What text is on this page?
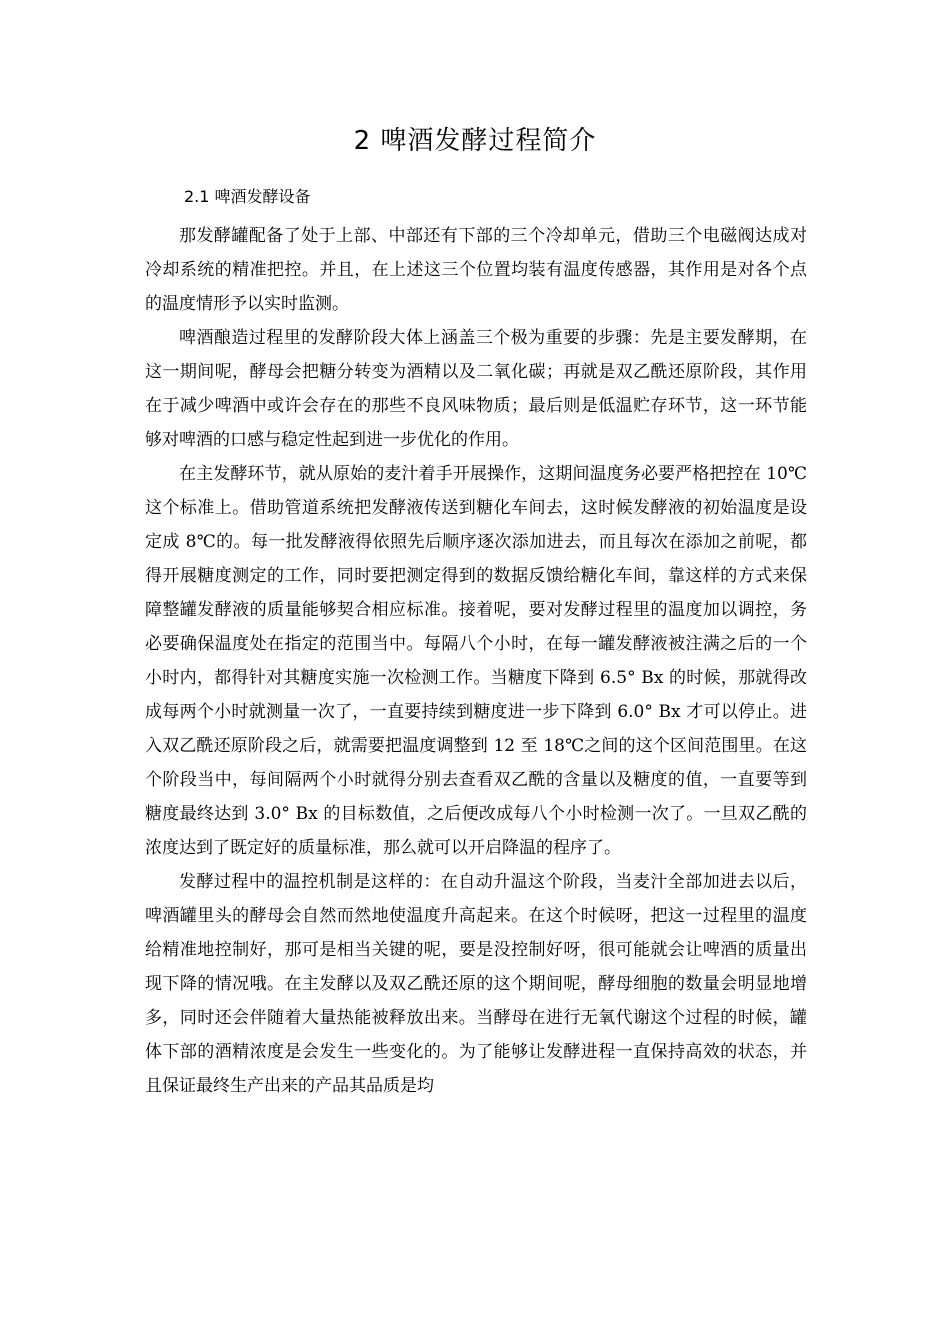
2 啤酒发酵过程简介
2.1 啤酒发酵设备

那发酵罐配备了处于上部、中部还有下部的三个冷却单元，借助三个电磁阀达成对冷却系统的精准把控。并且，在上述这三个位置均装有温度传感器，其作用是对各个点的温度情形予以实时监测。

啤酒酿造过程里的发酵阶段大体上涵盖三个极为重要的步骤：先是主要发酵期，在这一期间呢，酵母会把糖分转变为酒精以及二氧化碳；再就是双乙酰还原阶段，其作用在于减少啤酒中或许会存在的那些不良风味物质；最后则是低温贮存环节，这一环节能够对啤酒的口感与稳定性起到进一步优化的作用。

在主发酵环节，就从原始的麦汁着手开展操作，这期间温度务必要严格把控在 10℃这个标准上。借助管道系统把发酵液传送到糖化车间去，这时候发酵液的初始温度是设定成 8℃的。每一批发酵液得依照先后顺序逐次添加进去，而且每次在添加之前呢，都得开展糖度测定的工作，同时要把测定得到的数据反馈给糖化车间，靠这样的方式来保障整罐发酵液的质量能够契合相应标准。接着呢，要对发酵过程里的温度加以调控，务必要确保温度处在指定的范围当中。每隔八个小时，在每一罐发酵液被注满之后的一个小时内，都得针对其糖度实施一次检测工作。当糖度下降到 6.5° Bx 的时候，那就得改成每两个小时就测量一次了，一直要持续到糖度进一步下降到 6.0° Bx 才可以停止。进入双乙酰还原阶段之后，就需要把温度调整到 12 至 18℃之间的这个区间范围里。在这个阶段当中，每间隔两个小时就得分别去查看双乙酰的含量以及糖度的值，一直要等到糖度最终达到 3.0° Bx 的目标数值，之后便改成每八个小时检测一次了。一旦双乙酰的浓度达到了既定好的质量标准，那么就可以开启降温的程序了。

发酵过程中的温控机制是这样的：在自动升温这个阶段，当麦汁全部加进去以后，啤酒罐里头的酵母会自然而然地使温度升高起来。在这个时候呀，把这一过程里的温度给精准地控制好，那可是相当关键的呢，要是没控制好呀，很可能就会让啤酒的质量出现下降的情况哦。在主发酵以及双乙酰还原的这个期间呢，酵母细胞的数量会明显地增多，同时还会伴随着大量热能被释放出来。当酵母在进行无氧代谢这个过程的时候，罐体下部的酒精浓度是会发生一些变化的。为了能够让发酵进程一直保持高效的状态，并且保证最终生产出来的产品其品质是均
